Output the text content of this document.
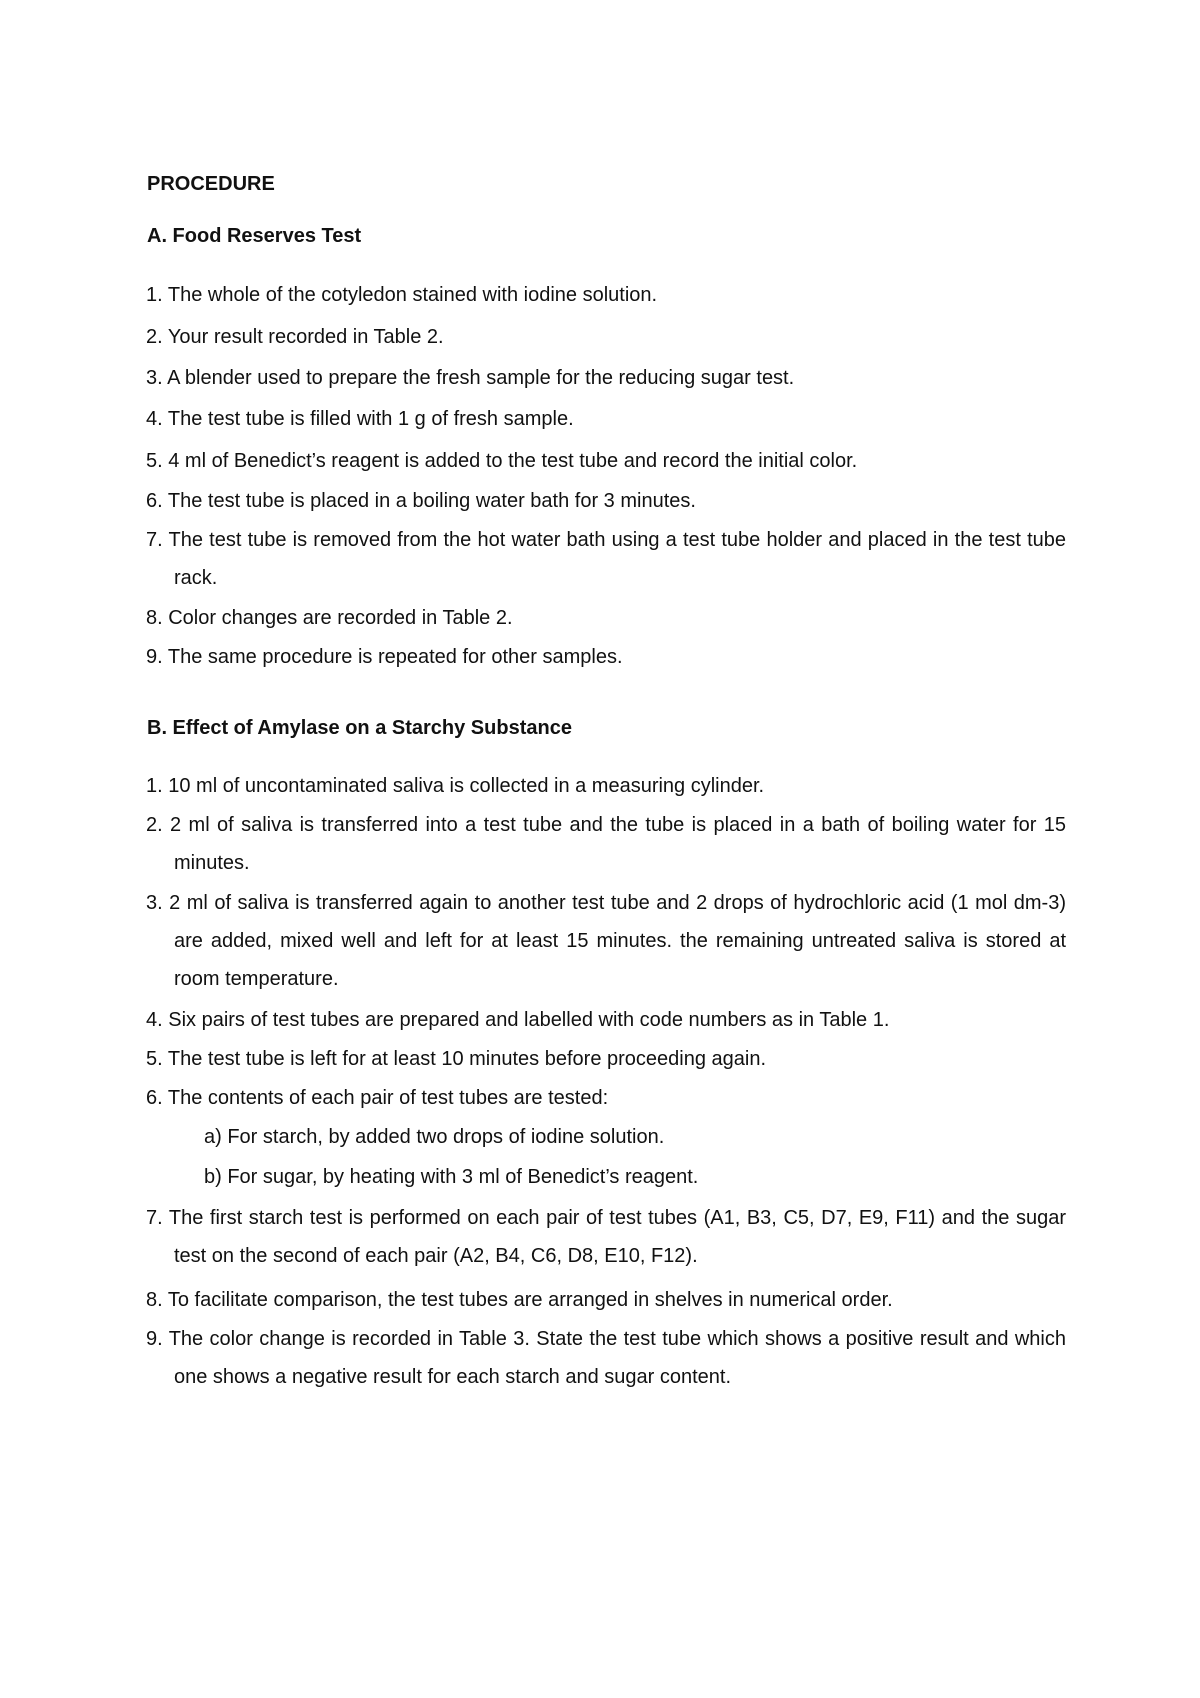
PROCEDURE
A. Food Reserves Test

1. The whole of the cotyledon stained with iodine solution.

2. Your result recorded in Table 2.

3. A blender used to prepare the fresh sample for the reducing sugar test.

4. The test tube is filled with 1 g of fresh sample.

5. 4 ml of Benedict’s reagent is added to the test tube and record the initial color.

6. The test tube is placed in a boiling water bath for 3 minutes.

7. The test tube is removed from the hot water bath using a test tube holder and placed in the test tube rack.

8. Color changes are recorded in Table 2.

9. The same procedure is repeated for other samples.

B. Effect of Amylase on a Starchy Substance

1. 10 ml of uncontaminated saliva is collected in a measuring cylinder.

2. 2 ml of saliva is transferred into a test tube and the tube is placed in a bath of boiling water for 15 minutes.
3. 2 ml of saliva is transferred again to another test tube and 2 drops of hydrochloric acid (1 mol dm-3) are added, mixed well and left for at least 15 minutes. the remaining untreated saliva is stored at room temperature.

4. Six pairs of test tubes are prepared and labelled with code numbers as in Table 1.

5. The test tube is left for at least 10 minutes before proceeding again.

6. The contents of each pair of test tubes are tested:

a) For starch, by added two drops of iodine solution.

b) For sugar, by heating with 3 ml of Benedict’s reagent.

7. The first starch test is performed on each pair of test tubes (A1, B3, C5, D7, E9, F11) and the sugar test on the second of each pair (A2, B4, C6, D8, E10, F12).

8. To facilitate comparison, the test tubes are arranged in shelves in numerical order.

9. The color change is recorded in Table 3. State the test tube which shows a positive result and which one shows a negative result for each starch and sugar content.
